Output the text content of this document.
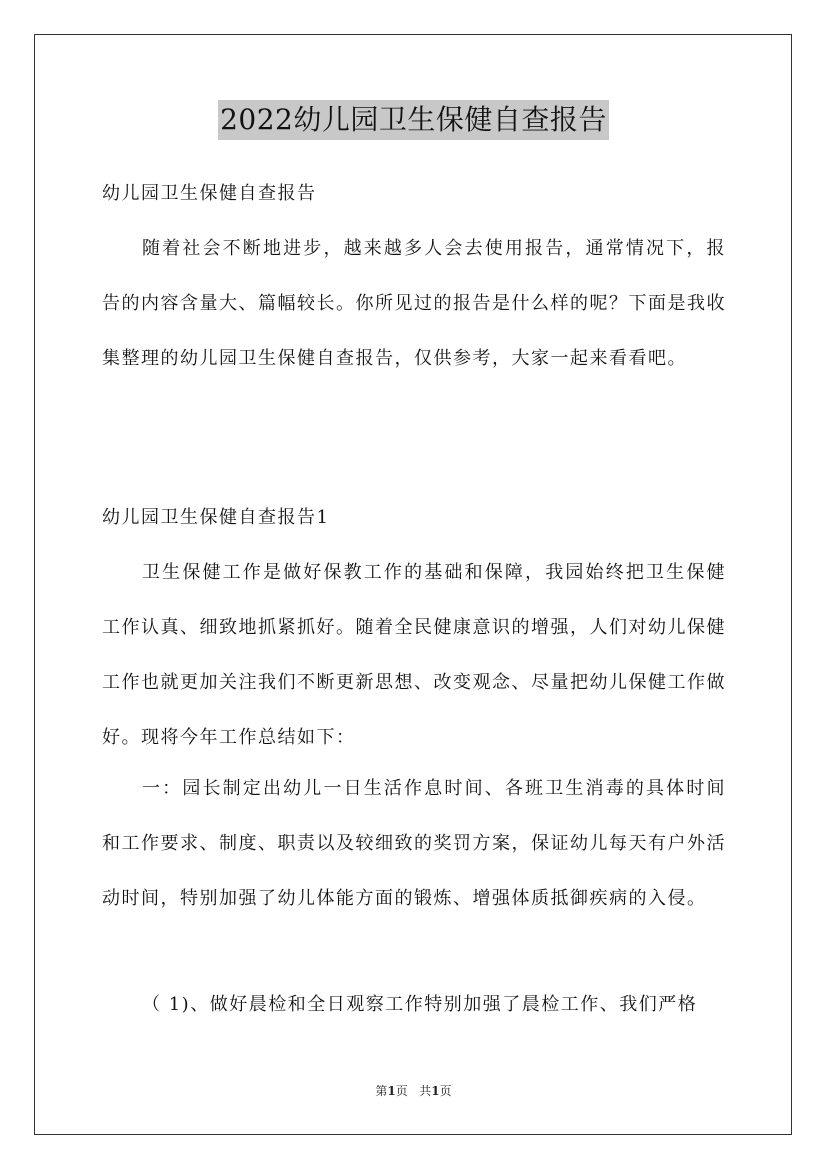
2022幼儿园卫生保健自查报告

幼儿园卫生保健自查报告

随着社会不断地进步，越来越多人会去使用报告，通常情况下，报告的内容含量大、篇幅较长。你所见过的报告是什么样的呢？下面是我收集整理的幼儿园卫生保健自查报告，仅供参考，大家一起来看看吧。

幼儿园卫生保健自查报告1

卫生保健工作是做好保教工作的基础和保障，我园始终把卫生保健工作认真、细致地抓紧抓好。随着全民健康意识的增强，人们对幼儿保健工作也就更加关注我们不断更新思想、改变观念、尽量把幼儿保健工作做好。现将今年工作总结如下：

一：园长制定出幼儿一日生活作息时间、各班卫生消毒的具体时间和工作要求、制度、职责以及较细致的奖罚方案，保证幼儿每天有户外活动时间，特别加强了幼儿体能方面的锻炼、增强体质抵御疾病的入侵。

（ 1)、做好晨检和全日观察工作特别加强了晨检工作、我们严格

第1页 共1页
